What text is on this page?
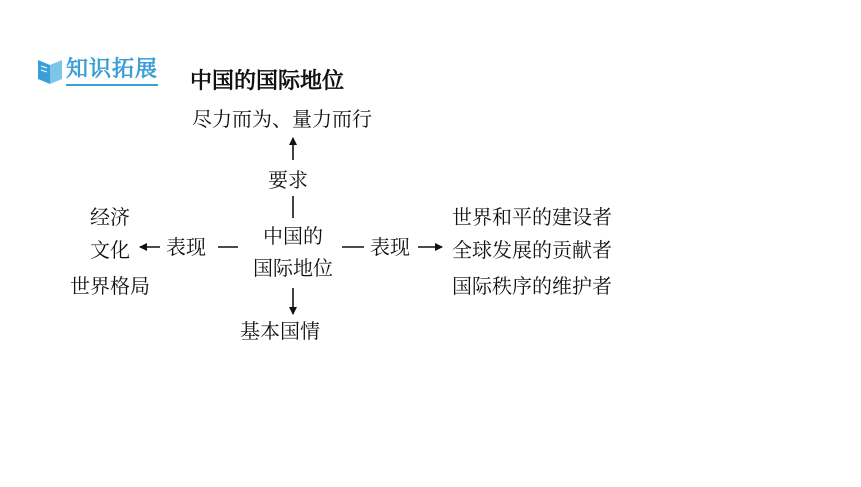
知识拓展 中国的国际地位
尽力而为、量力而行
要求
中国的
国际地位
基本国情
表现	表现
经济
文化
世界格局
世界和平的建设者
全球发展的贡献者
国际秩序的维护者
